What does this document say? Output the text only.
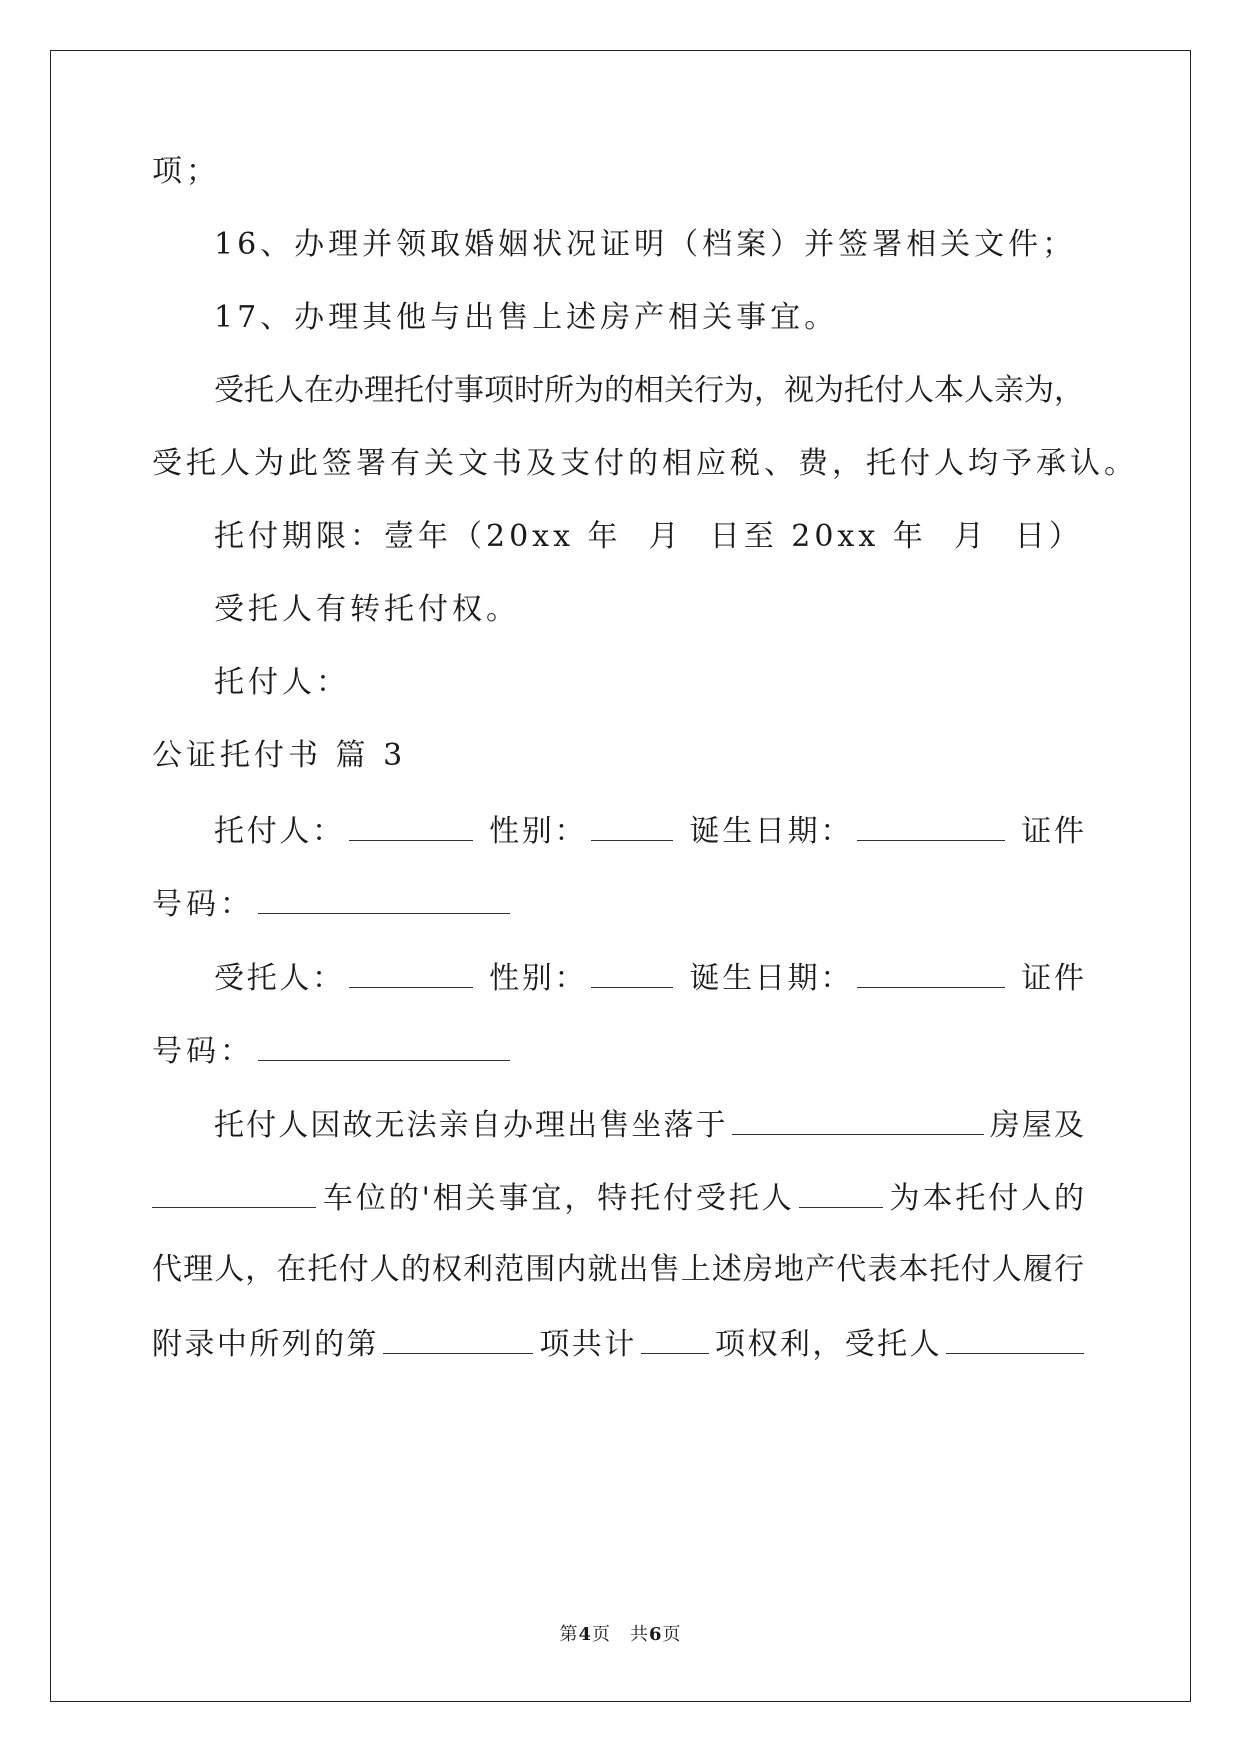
项；
16、办理并领取婚姻状况证明（档案）并签署相关文件；
17、办理其他与出售上述房产相关事宜。
受托人在办理托付事项时所为的相关行为，视为托付人本人亲为，
受托人为此签署有关文书及支付的相应税、费，托付人均予承认。
托付期限：壹年（20xx 年  月  日至 20xx 年  月  日）
受托人有转托付权。
托付人：
公证托付书 篇 3
托付人：	性别：	诞生日期：	证件
号码：
受托人：	性别：	诞生日期：	证件
号码：
托付人因故无法亲自办理出售坐落于	房屋及
车位的'相关事宜，特托付受托人	为本托付人的
代理人，在托付人的权利范围内就出售上述房地产代表本托付人履行
附录中所列的第	项共计	项权利，受托人
第4页　共6页
